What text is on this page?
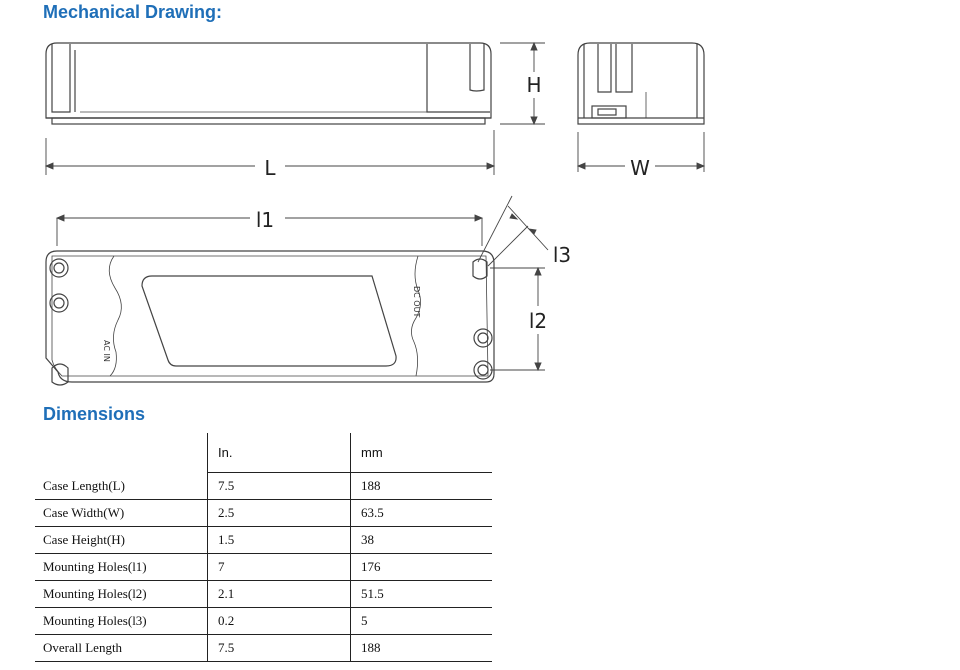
Mechanical Drawing:
L
H
W
l1
l2
l3
AC IN
DC OUT
Dimensions
	In.	mm
Case Length(L)	7.5	188
Case Width(W)	2.5	63.5
Case Height(H)	1.5	38
Mounting Holes(l1)	7	176
Mounting Holes(l2)	2.1	51.5
Mounting Holes(l3)	0.2	5
Overall Length	7.5	188
